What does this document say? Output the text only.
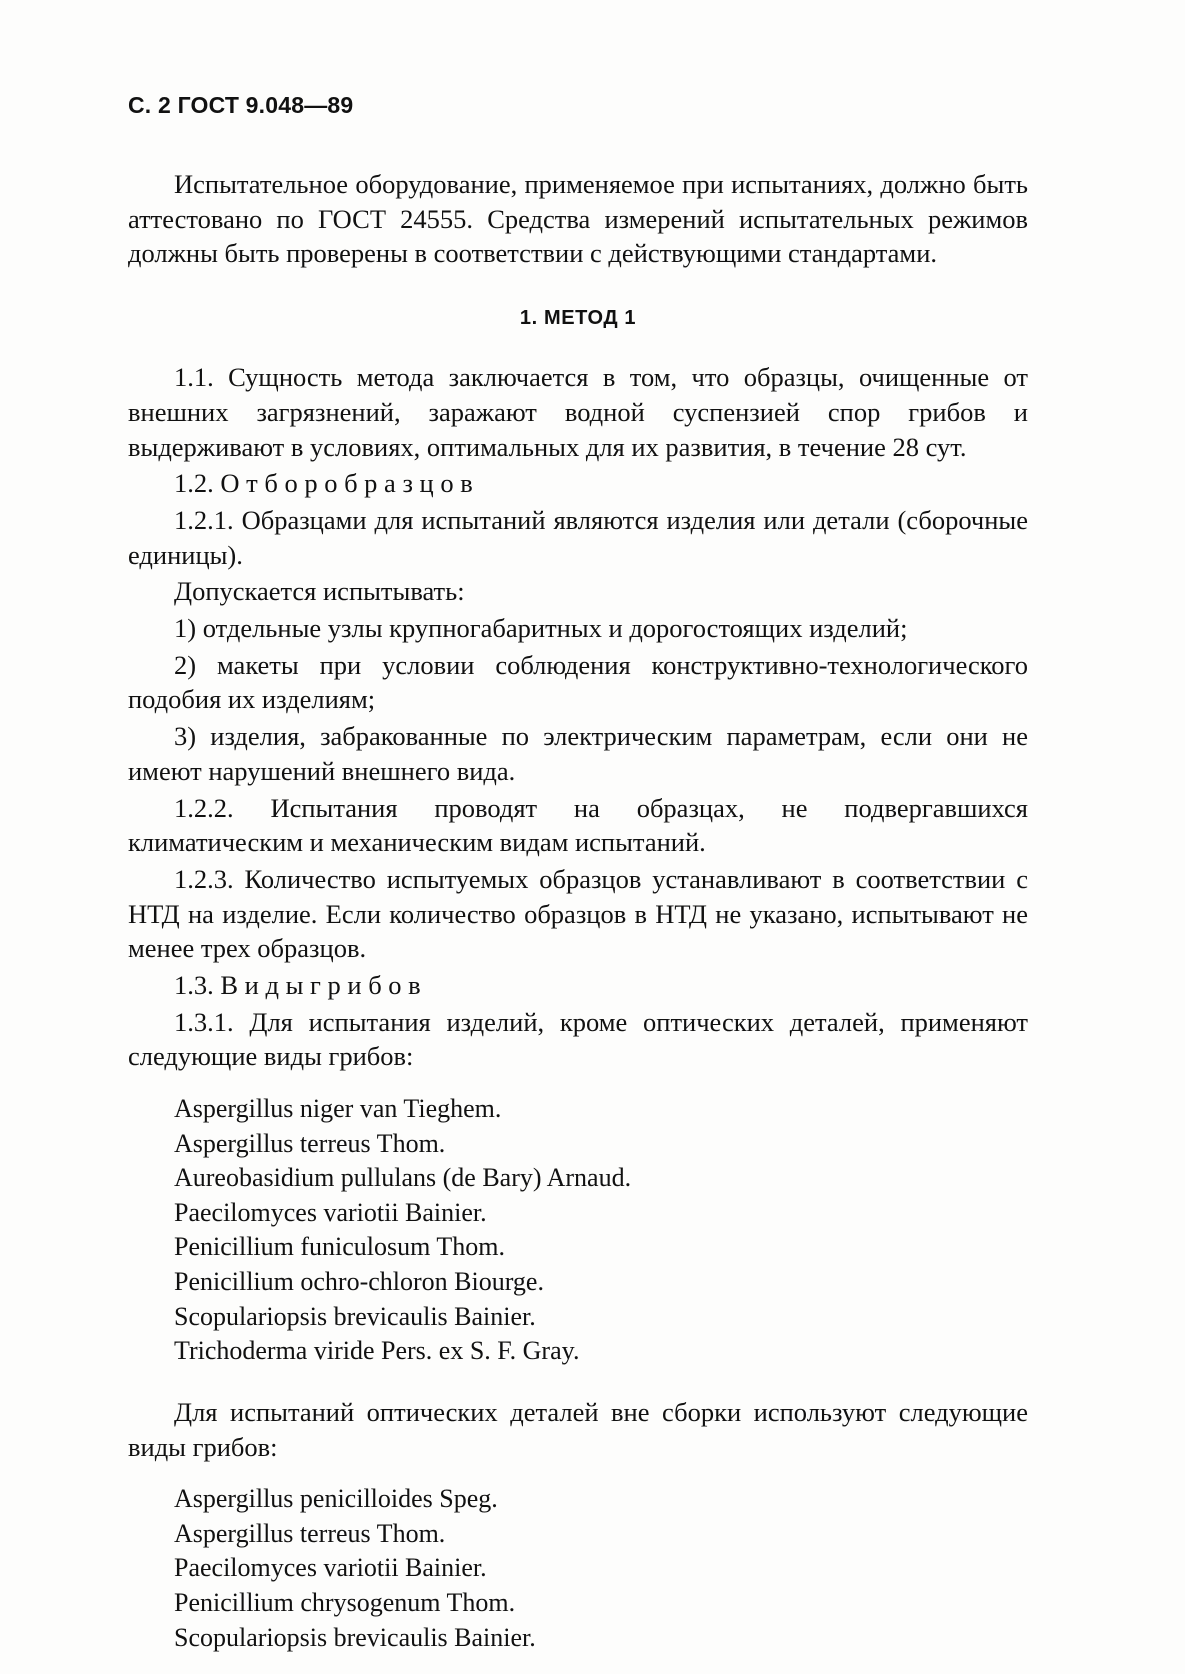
С. 2 ГОСТ 9.048—89

Испытательное оборудование, применяемое при испытаниях, должно быть аттестовано по ГОСТ 24555. Средства измерений испытательных режимов должны быть проверены в соответствии с действующими стандартами.

1. МЕТОД 1

1.1. Сущность метода заключается в том, что образцы, очищенные от внешних загрязнений, заражают водной суспензией спор грибов и выдерживают в условиях, оптимальных для их развития, в течение 28 сут.

1.2. О т б о р о б р а з ц о в

1.2.1. Образцами для испытаний являются изделия или детали (сборочные единицы).

Допускается испытывать:

1) отдельные узлы крупногабаритных и дорогостоящих изделий;

2) макеты при условии соблюдения конструктивно-технологического подобия их изделиям;

3) изделия, забракованные по электрическим параметрам, если они не имеют нарушений внешнего вида.

1.2.2. Испытания проводят на образцах, не подвергавшихся климатическим и механическим видам испытаний.

1.2.3. Количество испытуемых образцов устанавливают в соответствии с НТД на изделие. Если количество образцов в НТД не указано, испытывают не менее трех образцов.

1.3. В и д ы г р и б о в

1.3.1. Для испытания изделий, кроме оптических деталей, применяют следующие виды грибов:

Aspergillus niger van Tieghem.
Aspergillus terreus Thom.
Aureobasidium pullulans (de Bary) Arnaud.
Paecilomyces variotii Bainier.
Penicillium funiculosum Thom.
Penicillium ochro-chloron Biourge.
Scopulariopsis brevicaulis Bainier.
Trichoderma viride Pers. ex S. F. Gray.

Для испытаний оптических деталей вне сборки используют следующие виды грибов:

Aspergillus penicilloides Speg.
Aspergillus terreus Thom.
Paecilomyces variotii Bainier.
Penicillium chrysogenum Thom.
Scopulariopsis brevicaulis Bainier.
